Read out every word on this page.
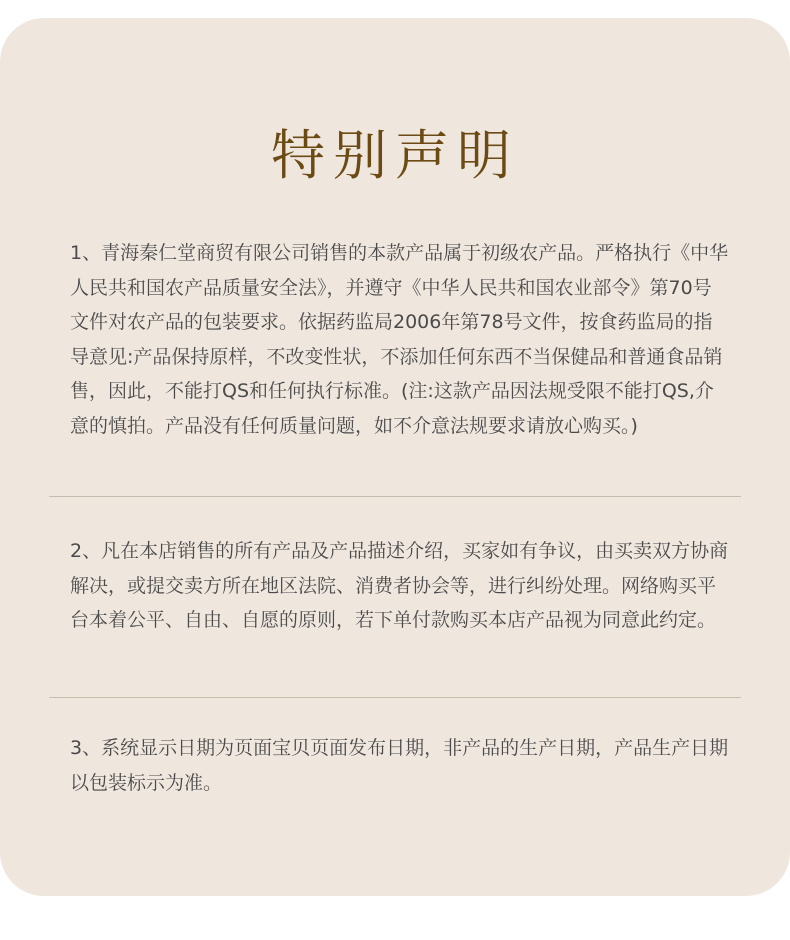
特别声明

1、青海秦仁堂商贸有限公司销售的本款产品属于初级农产品。严格执行《中华人民共和国农产品质量安全法》，并遵守《中华人民共和国农业部令》第70号文件对农产品的包装要求。依据药监局2006年第78号文件，按食药监局的指导意见:产品保持原样，不改变性状，不添加任何东西不当保健品和普通食品销售，因此，不能打QS和任何执行标准。(注:这款产品因法规受限不能打QS,介意的慎拍。产品没有任何质量问题，如不介意法规要求请放心购买。)

2、凡在本店销售的所有产品及产品描述介绍，买家如有争议，由买卖双方协商解决，或提交卖方所在地区法院、消费者协会等，进行纠纷处理。网络购买平台本着公平、自由、自愿的原则，若下单付款购买本店产品视为同意此约定。

3、系统显示日期为页面宝贝页面发布日期，非产品的生产日期，产品生产日期以包装标示为准。
